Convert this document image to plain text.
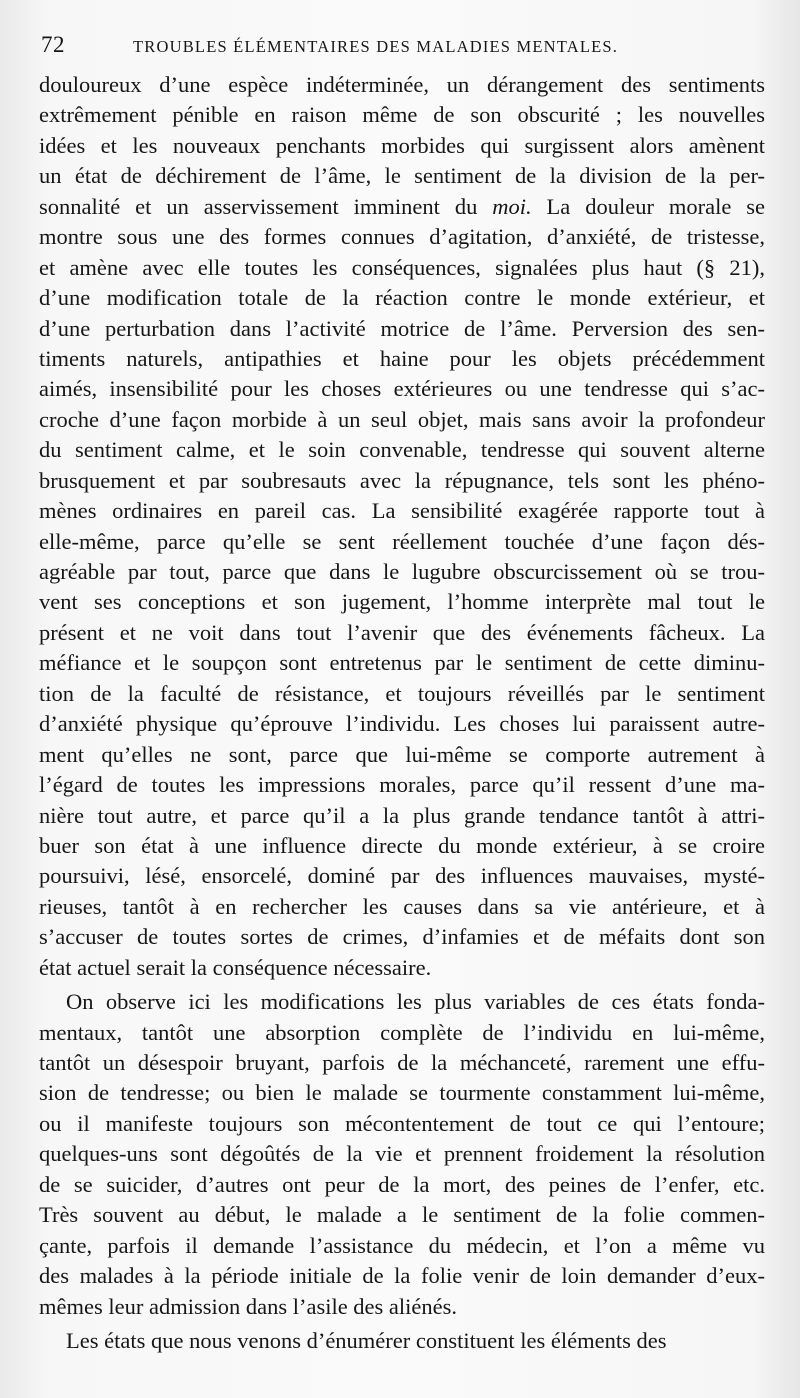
72	TROUBLES ÉLÉMENTAIRES DES MALADIES MENTALES.
douloureux d’une espèce indéterminée, un dérangement des sentiments
extrêmement pénible en raison même de son obscurité ; les nouvelles
idées et les nouveaux penchants morbides qui surgissent alors amènent
un état de déchirement de l’âme, le sentiment de la division de la per-
sonnalité et un asservissement imminent du moi. La douleur morale se
montre sous une des formes connues d’agitation, d’anxiété, de tristesse,
et amène avec elle toutes les conséquences, signalées plus haut (§ 21),
d’une modification totale de la réaction contre le monde extérieur, et
d’une perturbation dans l’activité motrice de l’âme. Perversion des sen-
timents naturels, antipathies et haine pour les objets précédemment
aimés, insensibilité pour les choses extérieures ou une tendresse qui s’ac-
croche d’une façon morbide à un seul objet, mais sans avoir la profondeur
du sentiment calme, et le soin convenable, tendresse qui souvent alterne
brusquement et par soubresauts avec la répugnance, tels sont les phéno-
mènes ordinaires en pareil cas. La sensibilité exagérée rapporte tout à
elle-même, parce qu’elle se sent réellement touchée d’une façon dés-
agréable par tout, parce que dans le lugubre obscurcissement où se trou-
vent ses conceptions et son jugement, l’homme interprète mal tout le
présent et ne voit dans tout l’avenir que des événements fâcheux. La
méfiance et le soupçon sont entretenus par le sentiment de cette diminu-
tion de la faculté de résistance, et toujours réveillés par le sentiment
d’anxiété physique qu’éprouve l’individu. Les choses lui paraissent autre-
ment qu’elles ne sont, parce que lui-même se comporte autrement à
l’égard de toutes les impressions morales, parce qu’il ressent d’une ma-
nière tout autre, et parce qu’il a la plus grande tendance tantôt à attri-
buer son état à une influence directe du monde extérieur, à se croire
poursuivi, lésé, ensorcelé, dominé par des influences mauvaises, mysté-
rieuses, tantôt à en rechercher les causes dans sa vie antérieure, et à
s’accuser de toutes sortes de crimes, d’infamies et de méfaits dont son
état actuel serait la conséquence nécessaire.
On observe ici les modifications les plus variables de ces états fonda-
mentaux, tantôt une absorption complète de l’individu en lui-même,
tantôt un désespoir bruyant, parfois de la méchanceté, rarement une effu-
sion de tendresse; ou bien le malade se tourmente constamment lui-même,
ou il manifeste toujours son mécontentement de tout ce qui l’entoure;
quelques-uns sont dégoûtés de la vie et prennent froidement la résolution
de se suicider, d’autres ont peur de la mort, des peines de l’enfer, etc.
Très souvent au début, le malade a le sentiment de la folie commen-
çante, parfois il demande l’assistance du médecin, et l’on a même vu
des malades à la période initiale de la folie venir de loin demander d’eux-
mêmes leur admission dans l’asile des aliénés.
Les états que nous venons d’énumérer constituent les éléments des
